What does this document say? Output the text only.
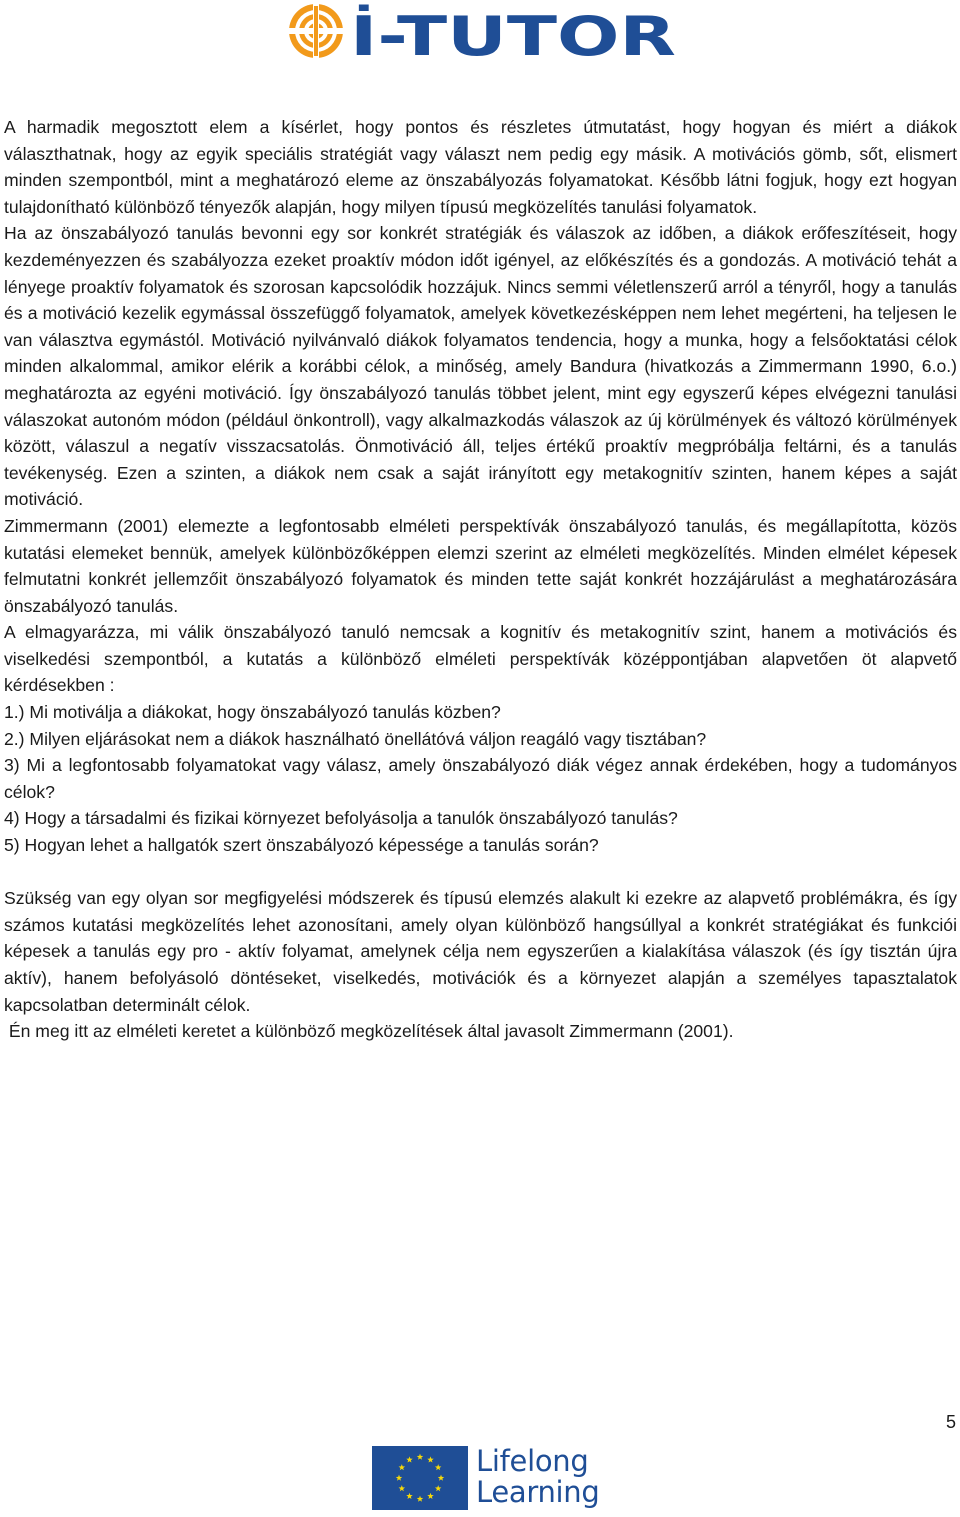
İ-TUTOR

A harmadik megosztott elem a kísérlet, hogy pontos és részletes útmutatást, hogy hogyan és miért a diákok választhatnak, hogy az egyik speciális stratégiát vagy választ nem pedig egy másik. A motivációs gömb, sőt, elismert minden szempontból, mint a meghatározó eleme az önszabályozás folyamatokat. Később látni fogjuk, hogy ezt hogyan tulajdonítható különböző tényezők alapján, hogy milyen típusú megközelítés tanulási folyamatok.

Ha az önszabályozó tanulás bevonni egy sor konkrét stratégiák és válaszok az időben, a diákok erőfeszítéseit, hogy kezdeményezzen és szabályozza ezeket proaktív módon időt igényel, az előkészítés és a gondozás. A motiváció tehát a lényege proaktív folyamatok és szorosan kapcsolódik hozzájuk. Nincs semmi véletlenszerű arról a tényről, hogy a tanulás és a motiváció kezelik egymással összefüggő folyamatok, amelyek következésképpen nem lehet megérteni, ha teljesen le van választva egymástól. Motiváció nyilvánvaló diákok folyamatos tendencia, hogy a munka, hogy a felsőoktatási célok minden alkalommal, amikor elérik a korábbi célok, a minőség, amely Bandura (hivatkozás a Zimmermann 1990, 6.o.) meghatározta az egyéni motiváció. Így önszabályozó tanulás többet jelent, mint egy egyszerű képes elvégezni tanulási válaszokat autonóm módon (például önkontroll), vagy alkalmazkodás válaszok az új körülmények és változó körülmények között, válaszul a negatív visszacsatolás. Önmotiváció áll, teljes értékű proaktív megpróbálja feltárni, és a tanulás tevékenység. Ezen a szinten, a diákok nem csak a saját irányított egy metakognitív szinten, hanem képes a saját motiváció.

Zimmermann (2001) elemezte a legfontosabb elméleti perspektívák önszabályozó tanulás, és megállapította, közös kutatási elemeket bennük, amelyek különbözőképpen elemzi szerint az elméleti megközelítés. Minden elmélet képesek felmutatni konkrét jellemzőit önszabályozó folyamatok és minden tette saját konkrét hozzájárulást a meghatározására önszabályozó tanulás.

A elmagyarázza, mi válik önszabályozó tanuló nemcsak a kognitív és metakognitív szint, hanem a motivációs és viselkedési szempontból, a kutatás a különböző elméleti perspektívák középpontjában alapvetően öt alapvető kérdésekben :

1.) Mi motiválja a diákokat, hogy önszabályozó tanulás közben?

2.) Milyen eljárásokat nem a diákok használható önellátóvá váljon reagáló vagy tisztában?

3) Mi a legfontosabb folyamatokat vagy válasz, amely önszabályozó diák végez annak érdekében, hogy a tudományos célok?

4) Hogy a társadalmi és fizikai környezet befolyásolja a tanulók önszabályozó tanulás?

5) Hogyan lehet a hallgatók szert önszabályozó képessége a tanulás során?

Szükség van egy olyan sor megfigyelési módszerek és típusú elemzés alakult ki ezekre az alapvető problémákra, és így számos kutatási megközelítés lehet azonosítani, amely olyan különböző hangsúllyal a konkrét stratégiákat és funkciói képesek a tanulás egy pro - aktív folyamat, amelynek célja nem egyszerűen a kialakítása válaszok (és így tisztán újra aktív), hanem befolyásoló döntéseket, viselkedés, motivációk és a környezet alapján a személyes tapasztalatok kapcsolatban determinált célok.

Én meg itt az elméleti keretet a különböző megközelítések által javasolt Zimmermann (2001).

5
Lifelong
Learning
